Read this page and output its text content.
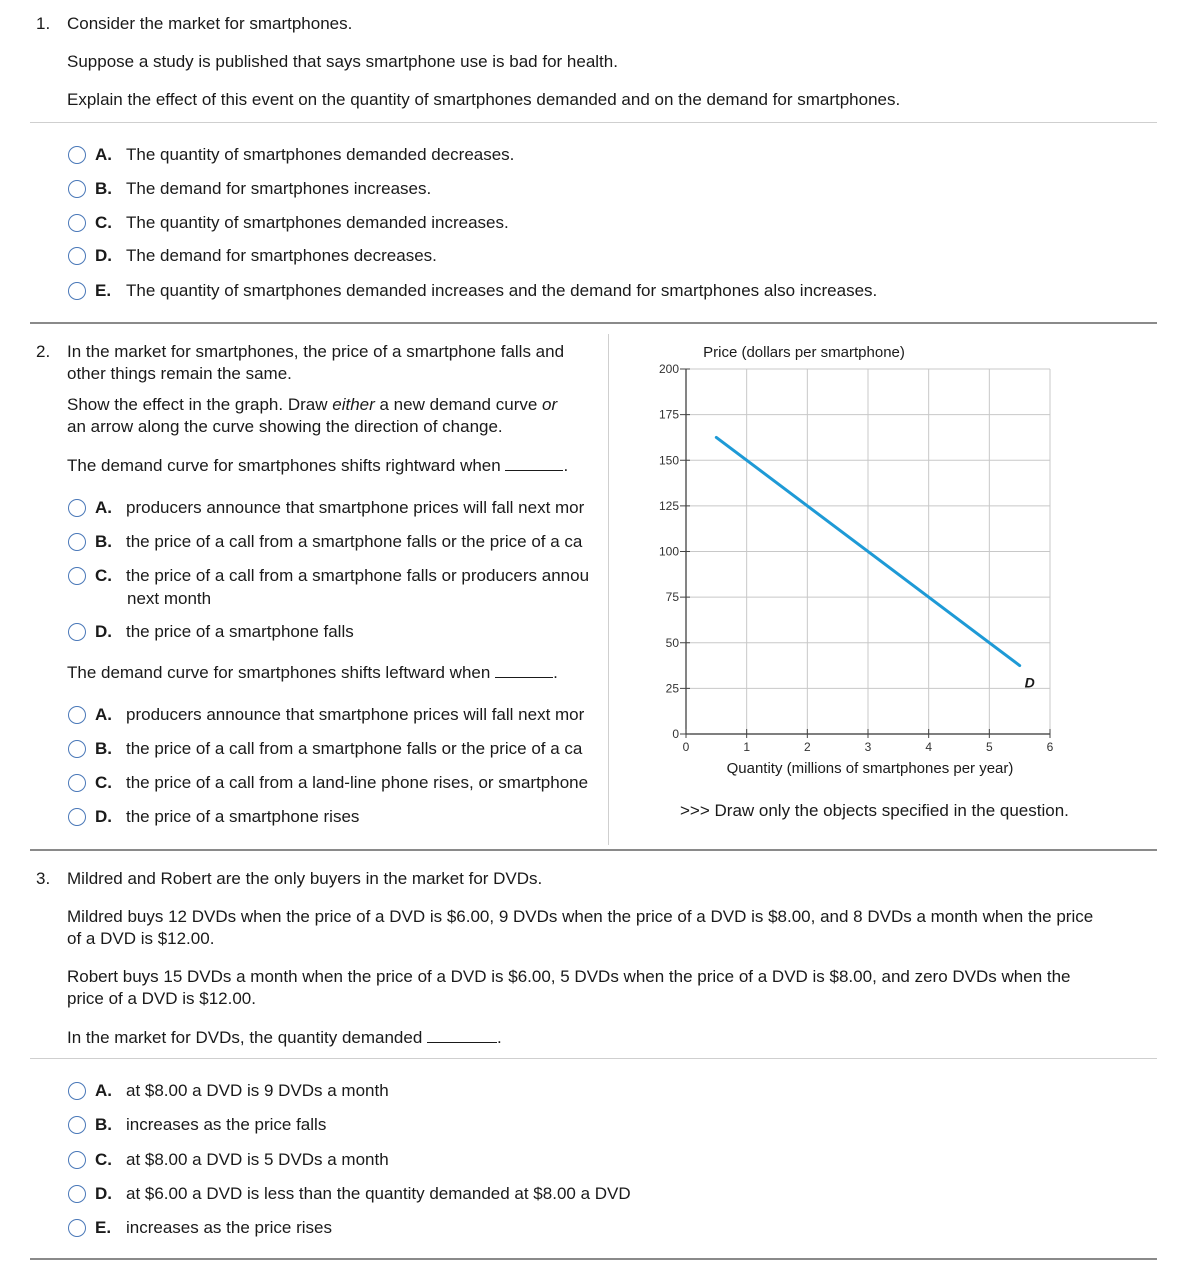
1. Consider the market for smartphones.
Suppose a study is published that says smartphone use is bad for health.
Explain the effect of this event on the quantity of smartphones demanded and on the demand for smartphones.
A. The quantity of smartphones demanded decreases.
B. The demand for smartphones increases.
C. The quantity of smartphones demanded increases.
D. The demand for smartphones decreases.
E. The quantity of smartphones demanded increases and the demand for smartphones also increases.
2. In the market for smartphones, the price of a smartphone falls and
other things remain the same.
Show the effect in the graph. Draw either a new demand curve or
an arrow along the curve showing the direction of change.
The demand curve for smartphones shifts rightward when	.
A. producers announce that smartphone prices will fall next mor
B. the price of a call from a smartphone falls or the price of a ca
C. the price of a call from a smartphone falls or producers annou
next month
D. the price of a smartphone falls
The demand curve for smartphones shifts leftward when	.
A. producers announce that smartphone prices will fall next mor
B. the price of a call from a smartphone falls or the price of a ca
C. the price of a call from a land-line phone rises, or smartphone
D. the price of a smartphone rises
0	1	2	3	4	5	6
0
25
50
75
100
125
150
175
200
Price (dollars per smartphone)
Quantity (millions of smartphones per year)
D
>>> Draw only the objects specified in the question.
3. Mildred and Robert are the only buyers in the market for DVDs.
Mildred buys 12 DVDs when the price of a DVD is $6.00, 9 DVDs when the price of a DVD is $8.00, and 8 DVDs a month when the price
of a DVD is $12.00.
Robert buys 15 DVDs a month when the price of a DVD is $6.00, 5 DVDs when the price of a DVD is $8.00, and zero DVDs when the
price of a DVD is $12.00.
In the market for DVDs, the quantity demanded	.
A. at $8.00 a DVD is 9 DVDs a month
B. increases as the price falls
C. at $8.00 a DVD is 5 DVDs a month
D. at $6.00 a DVD is less than the quantity demanded at $8.00 a DVD
E. increases as the price rises
